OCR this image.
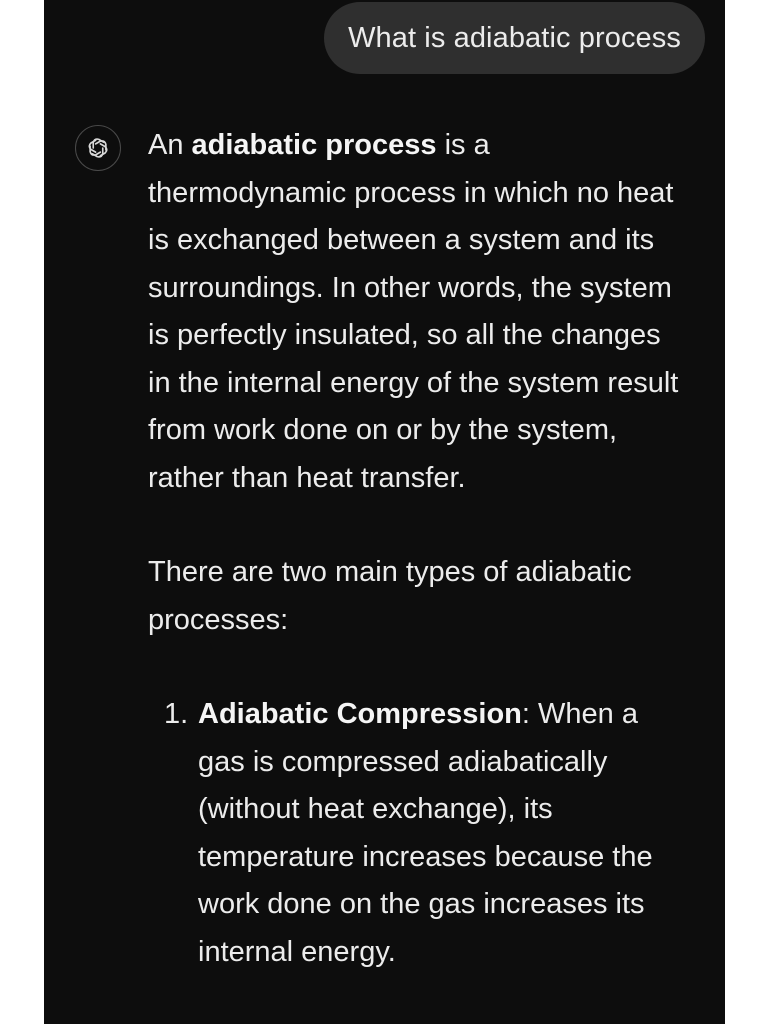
What is adiabatic process

An adiabatic process is a thermodynamic process in which no heat is exchanged between a system and its surroundings. In other words, the system is perfectly insulated, so all the changes in the internal energy of the system result from work done on or by the system, rather than heat transfer.

There are two main types of adiabatic processes:

1. Adiabatic Compression: When a gas is compressed adiabatically (without heat exchange), its temperature increases because the work done on the gas increases its internal energy.
